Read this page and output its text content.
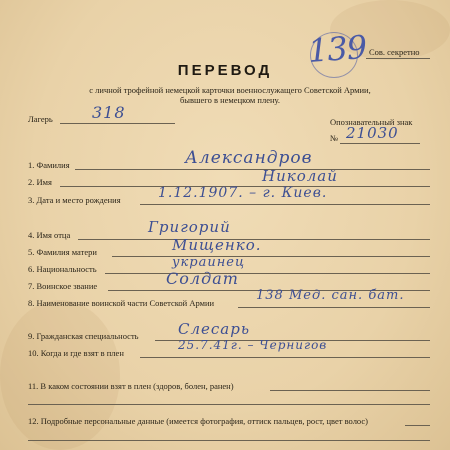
139 Сов. секретно
ПЕРЕВОД
с личной трофейной немецкой карточки военнослужащего Советской Армии,
бывшего в немецком плену.
Лагерь 318	Опознавательный знак
№ 21030
1. Фамилия	Александров
2. Имя	Николай
3. Дата и место рождения	1.12.1907. – г. Киев.
4. Имя отца	Григорий
5. Фамилия матери	Мищенко.
6. Национальность	украинец
7. Воинское звание	Солдат
8. Наименование воинской части Советской Армии	138 Мед. сан. бат.
9. Гражданская специальность	Слесарь
10. Когда и где взят в плен
25.7.41г. – Чернигов
11. В каком состоянии взят в плен (здоров, болен, ранен)
12. Подробные персональные данные (имеется фотография, оттиск пальцев, рост, цвет волос)
